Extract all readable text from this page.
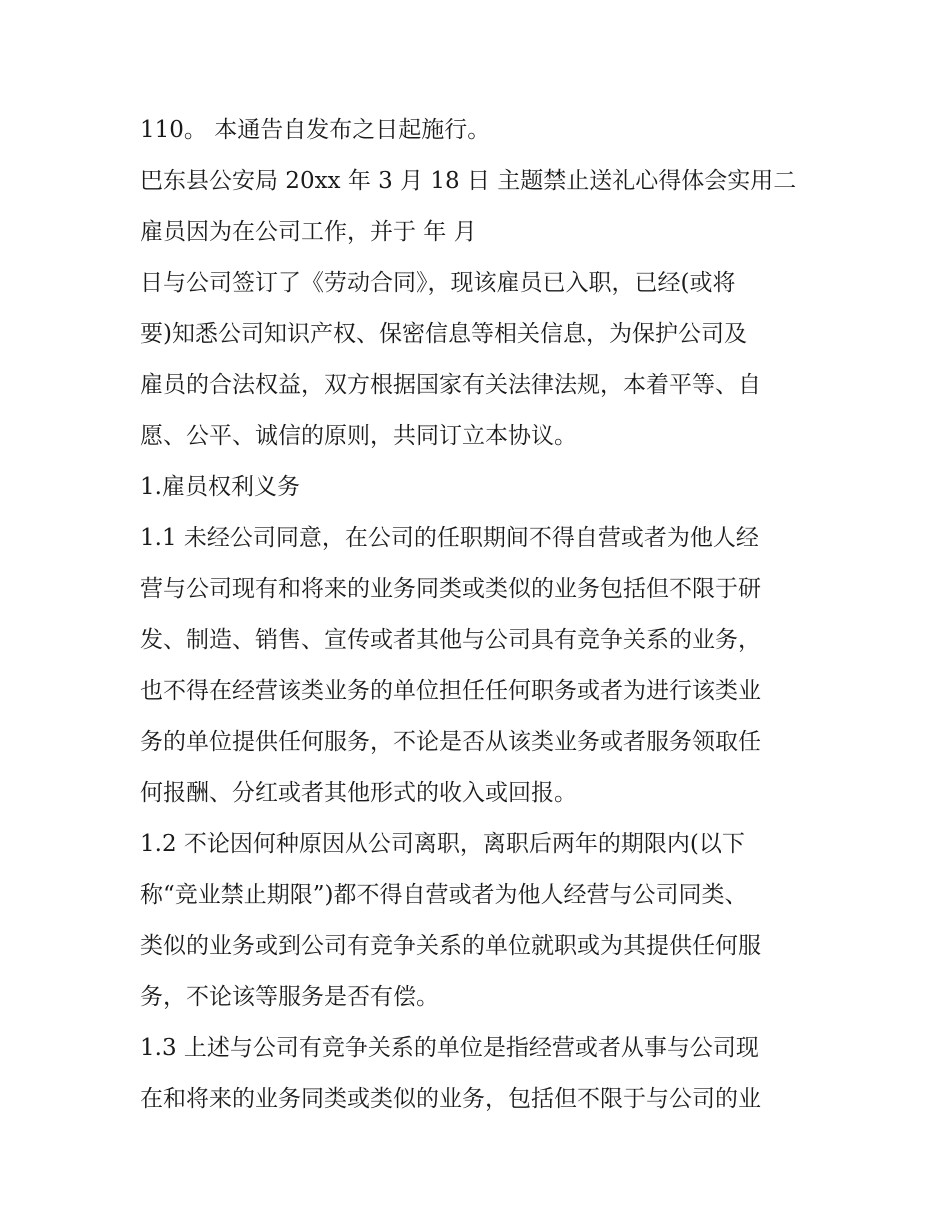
110。 本通告自发布之日起施行。
巴东县公安局 20xx 年 3 月 18 日 主题禁止送礼心得体会实用二
雇员因为在公司工作，并于 年 月
日与公司签订了《劳动合同》，现该雇员已入职，已经(或将
要)知悉公司知识产权、保密信息等相关信息，为保护公司及
雇员的合法权益，双方根据国家有关法律法规，本着平等、自
愿、公平、诚信的原则，共同订立本协议。
1.雇员权利义务
1.1 未经公司同意，在公司的任职期间不得自营或者为他人经
营与公司现有和将来的业务同类或类似的业务包括但不限于研
发、制造、销售、宣传或者其他与公司具有竞争关系的业务，
也不得在经营该类业务的单位担任任何职务或者为进行该类业
务的单位提供任何服务，不论是否从该类业务或者服务领取任
何报酬、分红或者其他形式的收入或回报。
1.2 不论因何种原因从公司离职，离职后两年的期限内(以下
称“竞业禁止期限”)都不得自营或者为他人经营与公司同类、
类似的业务或到公司有竞争关系的单位就职或为其提供任何服
务，不论该等服务是否有偿。
1.3 上述与公司有竞争关系的单位是指经营或者从事与公司现
在和将来的业务同类或类似的业务，包括但不限于与公司的业
